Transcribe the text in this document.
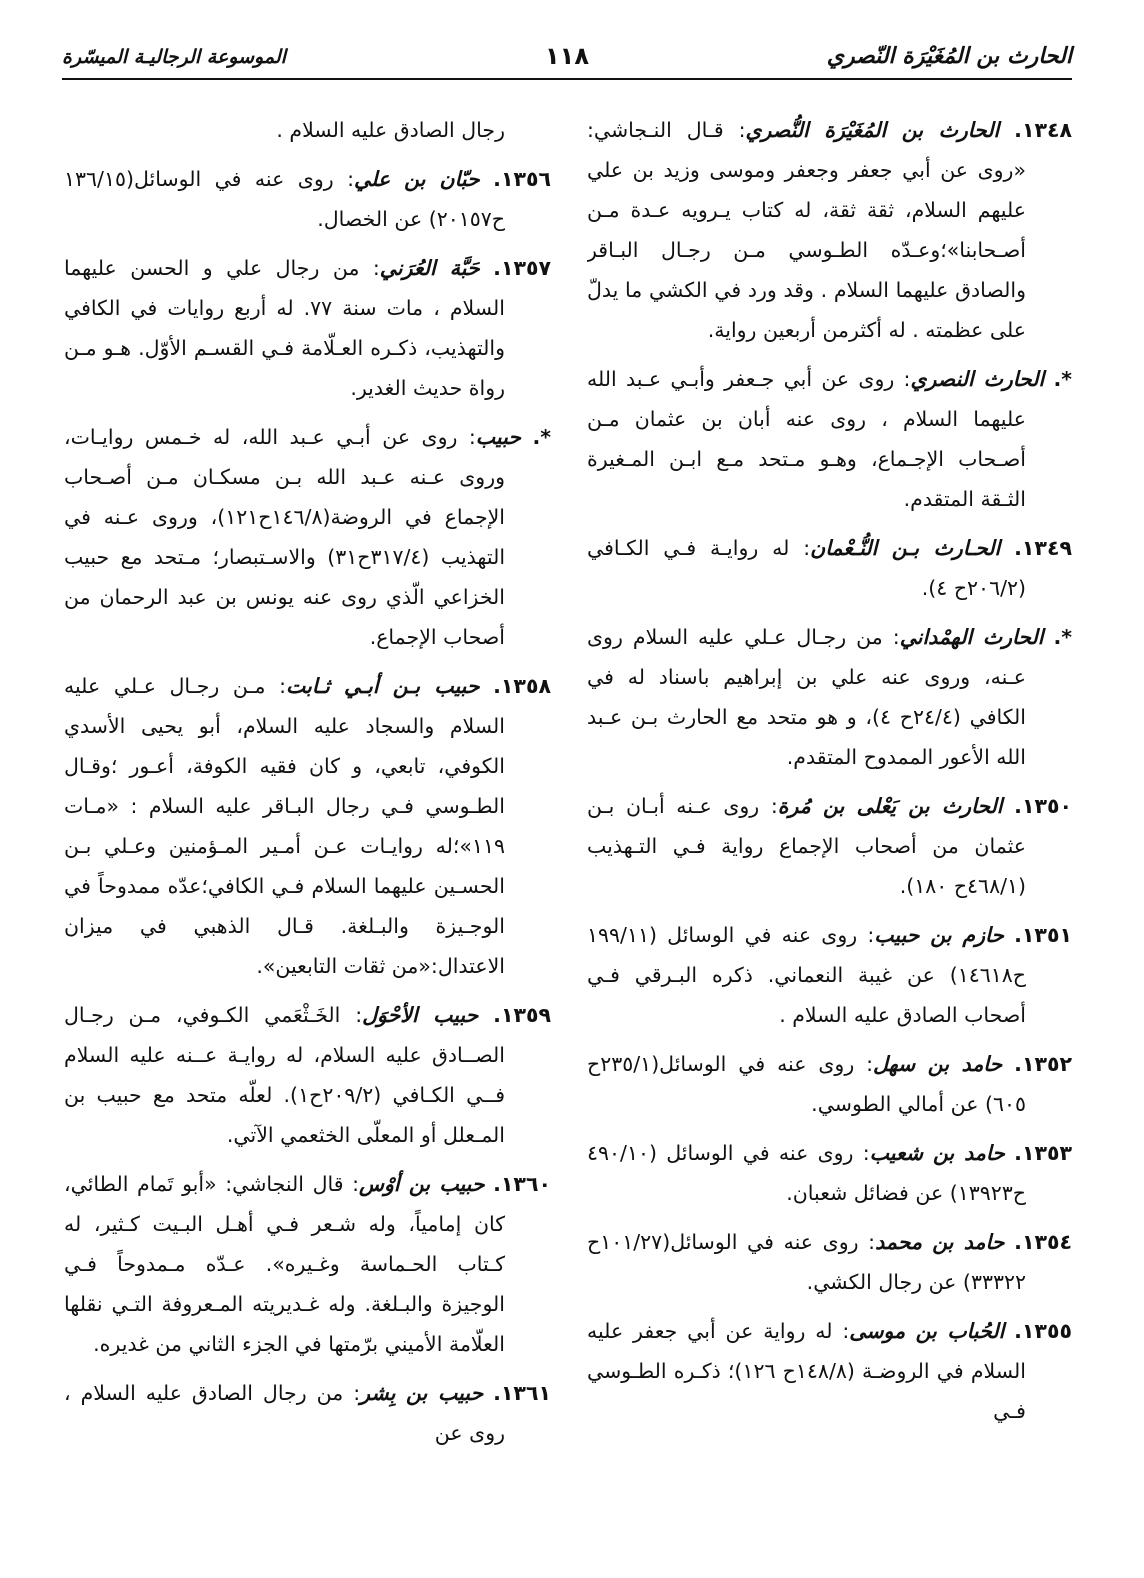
الحارث بن المُغَيْرَة النّصري
١١٨
الموسوعة الرجاليـة الميسّرة

١٣٤٨. الحارث بن المُغَيْرَة النُّصري: قـال النـجاشي: «روى عن أبي جعفر وجعفر وموسى وزيد بن علي عليهم السلام، ثقة ثقة، له كتاب يـرويه عـدة مـن أصـحابنا»؛وعـدّه الطـوسي مـن رجـال البـاقر والصادق عليهما السلام . وقد ورد في الكشي ما يدلّ على عظمته . له أكثرمن أربعين رواية.

*. الحارث النصري: روى عن أبي جـعفر وأبـي عـبد الله عليهما السلام ، روى عنه أبان بن عثمان مـن أصـحاب الإجـماع، وهـو مـتحد مـع ابـن المـغيرة الثـقة المتقدم.

١٣٤٩. الحـارث بـن النُّـعْمان: له روايـة فـي الكـافي (٢٠٦/٢ح ٤).

*. الحارث الهمْداني: من رجـال عـلي عليه السلام روى عـنه، وروى عنه علي بن إبراهيم باسناد له في الكافي (٢٤/٤ح ٤)، و هو متحد مع الحارث بـن عـبد الله الأعور الممدوح المتقدم.

١٣٥٠. الحارث بن يَعْلى بن مُرة: روى عـنه أبـان بـن عثمان من أصحاب الإجماع رواية فـي التـهذيب (٤٦٨/١ح ١٨٠).

١٣٥١. حازم بن حبيب: روى عنه في الوسائل (١٩٩/١١ ح١٤٦١٨) عن غيبة النعماني. ذكره البـرقي فـي أصحاب الصادق عليه السلام .

١٣٥٢. حامد بن سهل: روى عنه في الوسائل(٢٣٥/١ح ٦٠٥) عن أمالي الطوسي.

١٣٥٣. حامد بن شعيب: روى عنه في الوسائل (٤٩٠/١٠ ح١٣٩٢٣) عن فضائل شعبان.

١٣٥٤. حامد بن محمد: روى عنه في الوسائل(١٠١/٢٧ح ٣٣٣٢٢) عن رجال الكشي.

١٣٥٥. الحُباب بن موسى: له رواية عن أبي جعفر عليه السلام في الروضـة (١٤٨/٨ح ١٢٦)؛ ذكـره الطـوسي فـي

رجال الصادق عليه السلام .

١٣٥٦. حبّان بن علي: روى عنه في الوسائل(١٣٦/١٥ ح٢٠١٥٧) عن الخصال.

١٣٥٧. حَبَّة العُرَني: من رجال علي و الحسن عليهما السلام ، مات سنة ٧٧. له أربع روايات في الكافي والتهذيب، ذكـره العـلّامة فـي القسـم الأوّل. هـو مـن رواة حديث الغدير.

*. حبيب: روى عن أبـي عـبد الله، له خـمس روايـات، وروى عـنه عـبد الله بـن مسكـان مـن أصـحاب الإجماع في الروضة(١٤٦/٨ح١٢١)، وروى عـنه في التهذيب (٣١٧/٤ح٣١) والاسـتبصار؛ مـتحد مع حبيب الخزاعي الّذي روى عنه يونس بن عبد الرحمان من أصحاب الإجماع.

١٣٥٨. حبيب بـن أبـي ثـابت: مـن رجـال عـلي عليه السلام والسجاد عليه السلام، أبو يحيى الأسدي الكوفي، تابعي، و كان فقيه الكوفة، أعـور ؛وقـال الطـوسي فـي رجال البـاقر عليه السلام : «مـات ١١٩»؛له روايـات عـن أمـير المـؤمنين وعـلي بـن الحسـين عليهما السلام فـي الكافي؛عدّه ممدوحاً في الوجـيزة والبـلغة. قـال الذهبي في ميزان الاعتدال:«من ثقات التابعين».

١٣٥٩. حبيب الأحْوَل: الخَـثْعَمي الكـوفي، مـن رجـال الصــادق عليه السلام، له روايـة عــنه عليه السلام فــي الكـافي (٢٠٩/٢ح١). لعلّه متحد مع حبيب بن المـعلل أو المعلّى الخثعمي الآتي.

١٣٦٠. حبيب بن أوْس: قال النجاشي: «أبو تَمام الطائي، كان إمامياً، وله شـعر فـي أهـل البـيت كـثير، له كـتاب الحـماسة وغـيره». عـدّه مـمدوحاً فـي الوجيزة والبـلغة. وله غـديريته المـعروفة التـي نقلها العلّامة الأميني برّمتها في الجزء الثاني من غديره.

١٣٦١. حبيب بن بِشر: من رجال الصادق عليه السلام ، روى عن
